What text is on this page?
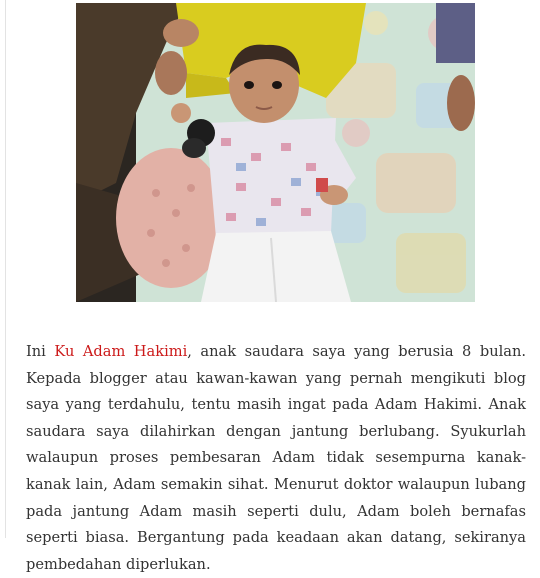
Ini Ku Adam Hakimi, anak saudara saya yang berusia 8 bulan. Kepada blogger atau kawan-kawan yang pernah mengikuti blog saya yang terdahulu, tentu masih ingat pada Adam Hakimi. Anak saudara saya dilahirkan dengan jantung berlubang. Syukurlah walaupun proses pembesaran Adam tidak sesempurna kanak-kanak lain, Adam semakin sihat. Menurut doktor walaupun lubang pada jantung Adam masih seperti dulu, Adam boleh bernafas seperti biasa. Bergantung pada keadaan akan datang, sekiranya pembedahan diperlukan.
